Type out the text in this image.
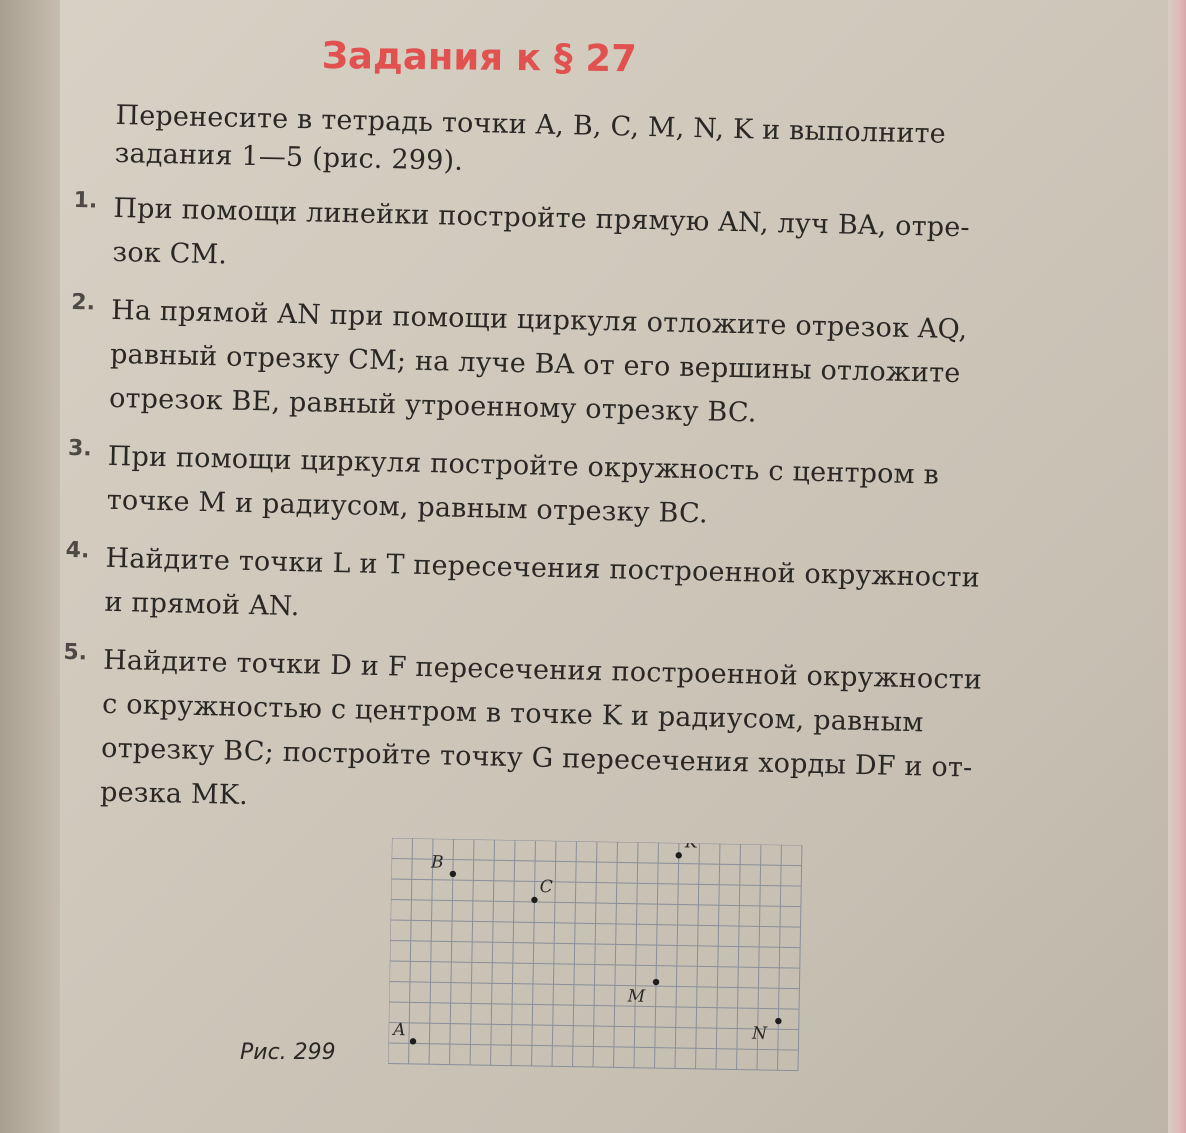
Задания к § 27

Перенесите в тетрадь точки A, B, C, M, N, K и выполните
задания 1—5 (рис. 299).

1. При помощи линейки постройте прямую AN, луч BA, отре-
зок CM.
2. На прямой AN при помощи циркуля отложите отрезок AQ,
равный отрезку CM; на луче BA от его вершины отложите
отрезок BE, равный утроенному отрезку BC.
3. При помощи циркуля постройте окружность с центром в
точке M и радиусом, равным отрезку BC.
4. Найдите точки L и T пересечения построенной окружности
и прямой AN.
5. Найдите точки D и F пересечения построенной окружности
с окружностью с центром в точке K и радиусом, равным
отрезку BC; постройте точку G пересечения хорды DF и от-
резка MK.
B
C
K
M
N
A
Рис. 299
